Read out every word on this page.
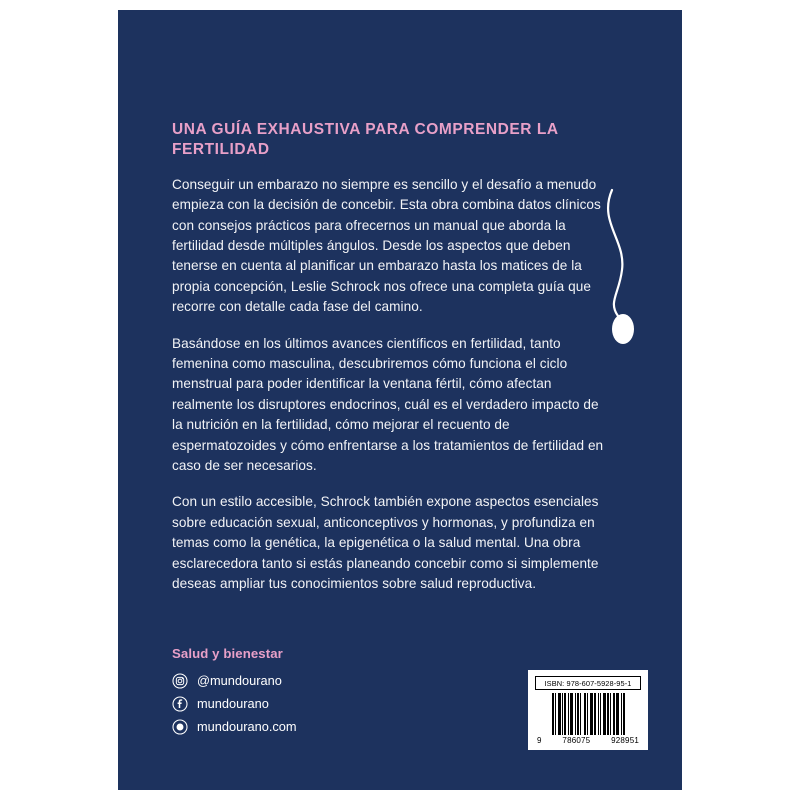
UNA GUÍA EXHAUSTIVA PARA COMPRENDER LA FERTILIDAD

Conseguir un embarazo no siempre es sencillo y el desafío a menudo empieza con la decisión de concebir. Esta obra combina datos clínicos con consejos prácticos para ofrecernos un manual que aborda la fertilidad desde múltiples ángulos. Desde los aspectos que deben tenerse en cuenta al planificar un embarazo hasta los matices de la propia concepción, Leslie Schrock nos ofrece una completa guía que recorre con detalle cada fase del camino.

Basándose en los últimos avances científicos en fertilidad, tanto femenina como masculina, descubriremos cómo funciona el ciclo menstrual para poder identificar la ventana fértil, cómo afectan realmente los disruptores endocrinos, cuál es el verdadero impacto de la nutrición en la fertilidad, cómo mejorar el recuento de espermatozoides y cómo enfrentarse a los tratamientos de fertilidad en caso de ser necesarios.

Con un estilo accesible, Schrock también expone aspectos esenciales sobre educación sexual, anticonceptivos y hormonas, y profundiza en temas como la genética, la epigenética o la salud mental. Una obra esclarecedora tanto si estás planeando concebir como si simplemente deseas ampliar tus conocimientos sobre salud reproductiva.

Salud y bienestar
@mundourano
mundourano
mundourano.com
ISBN: 978-607-5928-95-1
9	786075	928951
